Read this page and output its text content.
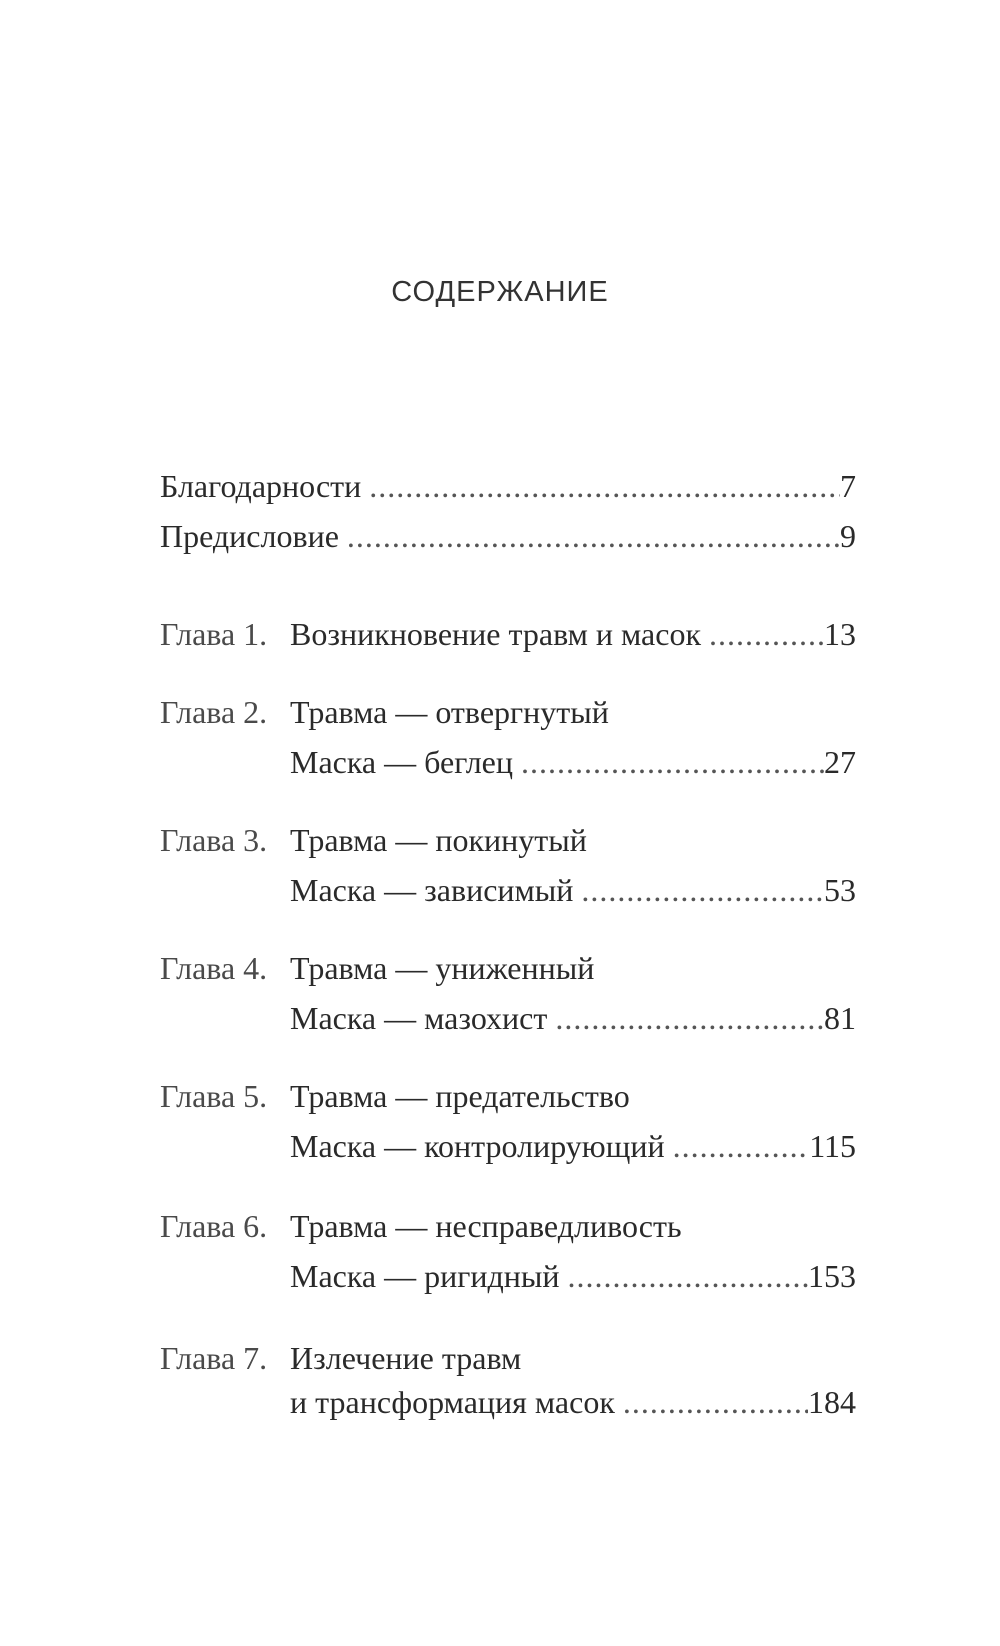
СОДЕРЖАНИЕ
Благодарности .....	7
Предисловие .....	9
Глава 1. Возникновение травм и масок .....	13
Глава 2. Травма — отвергнутый
Маска — беглец .....	27
Глава 3. Травма — покинутый
Маска — зависимый .....	53
Глава 4. Травма — униженный
Маска — мазохист .....	81
Глава 5. Травма — предательство
Маска — контролирующий .....	115
Глава 6. Травма — несправедливость
Маска — ригидный .....	153
Глава 7. Излечение травм
и трансформация масок .....	184
